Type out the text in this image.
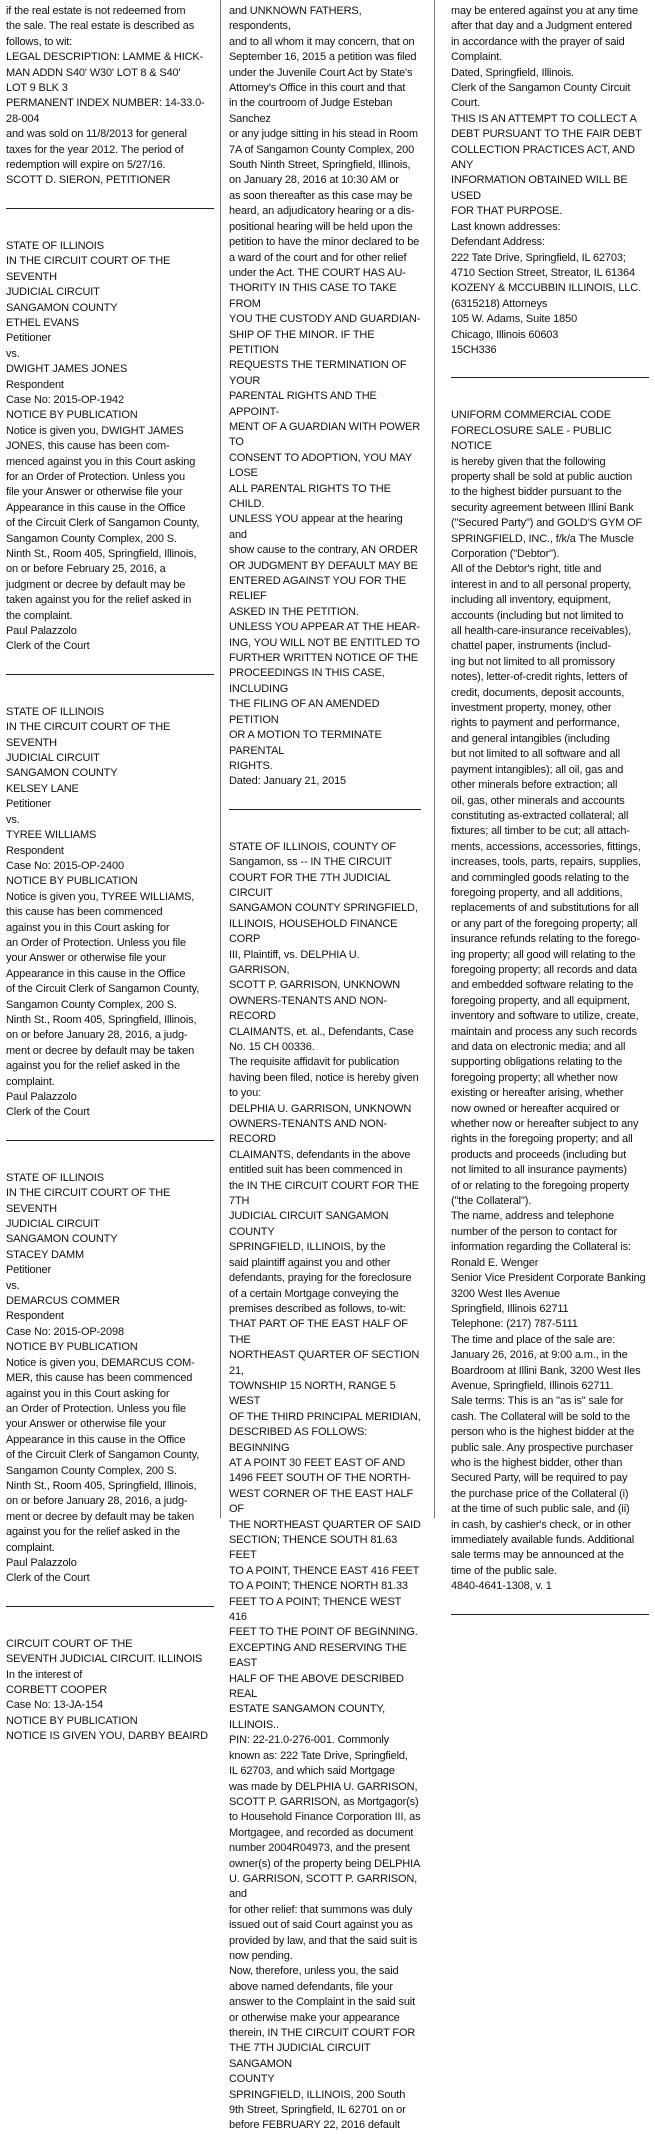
if the real estate is not redeemed from
the sale. The real estate is described as
follows, to wit:
LEGAL DESCRIPTION: LAMME & HICK-
MAN ADDN S40' W30' LOT 8 & S40'
LOT 9 BLK 3
PERMANENT INDEX NUMBER: 14-33.0-
28-004
and was sold on 11/8/2013 for general
taxes for the year 2012. The period of
redemption will expire on 5/27/16.
SCOTT D. SIERON, PETITIONER

STATE OF ILLINOIS
IN THE CIRCUIT COURT OF THE SEVENTH
JUDICIAL CIRCUIT
SANGAMON COUNTY
ETHEL EVANS
Petitioner
vs.
DWIGHT JAMES JONES
Respondent
Case No: 2015-OP-1942
NOTICE BY PUBLICATION
Notice is given you, DWIGHT JAMES
JONES, this cause has been com-
menced against you in this Court asking
for an Order of Protection. Unless you
file your Answer or otherwise file your
Appearance in this cause in the Office
of the Circuit Clerk of Sangamon County,
Sangamon County Complex, 200 S.
Ninth St., Room 405, Springfield, Illinois,
on or before February 25, 2016, a
judgment or decree by default may be
taken against you for the relief asked in
the complaint.
Paul Palazzolo
Clerk of the Court

STATE OF ILLINOIS
IN THE CIRCUIT COURT OF THE SEVENTH
JUDICIAL CIRCUIT
SANGAMON COUNTY
KELSEY LANE
Petitioner
vs.
TYREE WILLIAMS
Respondent
Case No: 2015-OP-2400
NOTICE BY PUBLICATION
Notice is given you, TYREE WILLIAMS,
this cause has been commenced
against you in this Court asking for
an Order of Protection. Unless you file
your Answer or otherwise file your
Appearance in this cause in the Office
of the Circuit Clerk of Sangamon County,
Sangamon County Complex, 200 S.
Ninth St., Room 405, Springfield, Illinois,
on or before January 28, 2016, a judg-
ment or decree by default may be taken
against you for the relief asked in the
complaint.
Paul Palazzolo
Clerk of the Court

STATE OF ILLINOIS
IN THE CIRCUIT COURT OF THE SEVENTH
JUDICIAL CIRCUIT
SANGAMON COUNTY
STACEY DAMM
Petitioner
vs.
DEMARCUS COMMER
Respondent
Case No: 2015-OP-2098
NOTICE BY PUBLICATION
Notice is given you, DEMARCUS COM-
MER, this cause has been commenced
against you in this Court asking for
an Order of Protection. Unless you file
your Answer or otherwise file your
Appearance in this cause in the Office
of the Circuit Clerk of Sangamon County,
Sangamon County Complex, 200 S.
Ninth St., Room 405, Springfield, Illinois,
on or before January 28, 2016, a judg-
ment or decree by default may be taken
against you for the relief asked in the
complaint.
Paul Palazzolo
Clerk of the Court

CIRCUIT COURT OF THE
SEVENTH JUDICIAL CIRCUIT. ILLINOIS
In the interest of
CORBETT COOPER
Case No: 13-JA-154
NOTICE BY PUBLICATION
NOTICE IS GIVEN YOU, DARBY BEAIRD

and UNKNOWN FATHERS, respondents,
and to all whom it may concern, that on
September 16, 2015 a petition was filed
under the Juvenile Court Act by State's
Attorney's Office in this court and that
in the courtroom of Judge Esteban Sanchez
or any judge sitting in his stead in Room
7A of Sangamon County Complex, 200
South Ninth Street, Springfield, Illinois,
on January 28, 2016 at 10:30 AM or
as soon thereafter as this case may be
heard, an adjudicatory hearing or a dis-
positional hearing will be held upon the
petition to have the minor declared to be
a ward of the court and for other relief
under the Act. THE COURT HAS AU-
THORITY IN THIS CASE TO TAKE FROM
YOU THE CUSTODY AND GUARDIAN-
SHIP OF THE MINOR. IF THE PETITION
REQUESTS THE TERMINATION OF YOUR
PARENTAL RIGHTS AND THE APPOINT-
MENT OF A GUARDIAN WITH POWER TO
CONSENT TO ADOPTION, YOU MAY LOSE
ALL PARENTAL RIGHTS TO THE CHILD.
UNLESS YOU appear at the hearing and
show cause to the contrary, AN ORDER
OR JUDGMENT BY DEFAULT MAY BE
ENTERED AGAINST YOU FOR THE RELIEF
ASKED IN THE PETITION.
UNLESS YOU APPEAR AT THE HEAR-
ING, YOU WILL NOT BE ENTITLED TO
FURTHER WRITTEN NOTICE OF THE
PROCEEDINGS IN THIS CASE, INCLUDING
THE FILING OF AN AMENDED PETITION
OR A MOTION TO TERMINATE PARENTAL
RIGHTS.
Dated: January 21, 2015

STATE OF ILLINOIS, COUNTY OF
Sangamon, ss -- IN THE CIRCUIT
COURT FOR THE 7TH JUDICIAL CIRCUIT
SANGAMON COUNTY SPRINGFIELD,
ILLINOIS, HOUSEHOLD FINANCE CORP
III, Plaintiff, vs. DELPHIA U. GARRISON,
SCOTT P. GARRISON, UNKNOWN
OWNERS-TENANTS AND NON-RECORD
CLAIMANTS, et. al., Defendants, Case
No. 15 CH 00336.
The requisite affidavit for publication
having been filed, notice is hereby given
to you:
DELPHIA U. GARRISON, UNKNOWN
OWNERS-TENANTS AND NON-RECORD
CLAIMANTS, defendants in the above
entitled suit has been commenced in
the IN THE CIRCUIT COURT FOR THE 7TH
JUDICIAL CIRCUIT SANGAMON COUNTY
SPRINGFIELD, ILLINOIS, by the
said plaintiff against you and other
defendants, praying for the foreclosure
of a certain Mortgage conveying the
premises described as follows, to-wit:
THAT PART OF THE EAST HALF OF THE
NORTHEAST QUARTER OF SECTION 21,
TOWNSHIP 15 NORTH, RANGE 5 WEST
OF THE THIRD PRINCIPAL MERIDIAN,
DESCRIBED AS FOLLOWS: BEGINNING
AT A POINT 30 FEET EAST OF AND
1496 FEET SOUTH OF THE NORTH-
WEST CORNER OF THE EAST HALF OF
THE NORTHEAST QUARTER OF SAID
SECTION; THENCE SOUTH 81.63 FEET
TO A POINT, THENCE EAST 416 FEET
TO A POINT; THENCE NORTH 81.33
FEET TO A POINT; THENCE WEST 416
FEET TO THE POINT OF BEGINNING.
EXCEPTING AND RESERVING THE EAST
HALF OF THE ABOVE DESCRIBED REAL
ESTATE SANGAMON COUNTY, ILLINOIS..
PIN: 22-21.0-276-001. Commonly
known as: 222 Tate Drive, Springfield,
IL 62703, and which said Mortgage
was made by DELPHIA U. GARRISON,
SCOTT P. GARRISON, as Mortgagor(s)
to Household Finance Corporation III, as
Mortgagee, and recorded as document
number 2004R04973, and the present
owner(s) of the property being DELPHIA
U. GARRISON, SCOTT P. GARRISON, and
for other relief: that summons was duly
issued out of said Court against you as
provided by law, and that the said suit is
now pending.
Now, therefore, unless you, the said
above named defendants, file your
answer to the Complaint in the said suit
or otherwise make your appearance
therein, IN THE CIRCUIT COURT FOR
THE 7TH JUDICIAL CIRCUIT SANGAMON
COUNTY
SPRINGFIELD, ILLINOIS, 200 South
9th Street, Springfield, IL 62701 on or
before FEBRUARY 22, 2016 default

may be entered against you at any time
after that day and a Judgment entered
in accordance with the prayer of said
Complaint.
Dated, Springfield, Illinois.
Clerk of the Sangamon County Circuit
Court.
THIS IS AN ATTEMPT TO COLLECT A
DEBT PURSUANT TO THE FAIR DEBT
COLLECTION PRACTICES ACT, AND ANY
INFORMATION OBTAINED WILL BE USED
FOR THAT PURPOSE.
Last known addresses:
Defendant Address:
222 Tate Drive, Springfield, IL 62703;
4710 Section Street, Streator, IL 61364
KOZENY & MCCUBBIN ILLINOIS, LLC.
(6315218) Attorneys
105 W. Adams, Suite 1850
Chicago, Illinois 60603
15CH336

UNIFORM COMMERCIAL CODE
FORECLOSURE SALE - PUBLIC NOTICE
is hereby given that the following
property shall be sold at public auction
to the highest bidder pursuant to the
security agreement between Illini Bank
("Secured Party") and GOLD'S GYM OF
SPRINGFIELD, INC., f/k/a The Muscle
Corporation ("Debtor").
All of the Debtor's right, title and
interest in and to all personal property,
including all inventory, equipment,
accounts (including but not limited to
all health-care-insurance receivables),
chattel paper, instruments (includ-
ing but not limited to all promissory
notes), letter-of-credit rights, letters of
credit, documents, deposit accounts,
investment property, money, other
rights to payment and performance,
and general intangibles (including
but not limited to all software and all
payment intangibles); all oil, gas and
other minerals before extraction; all
oil, gas, other minerals and accounts
constituting as-extracted collateral; all
fixtures; all timber to be cut; all attach-
ments, accessions, accessories, fittings,
increases, tools, parts, repairs, supplies,
and commingled goods relating to the
foregoing property, and all additions,
replacements of and substitutions for all
or any part of the foregoing property; all
insurance refunds relating to the forego-
ing property; all good will relating to the
foregoing property; all records and data
and embedded software relating to the
foregoing property, and all equipment,
inventory and software to utilize, create,
maintain and process any such records
and data on electronic media; and all
supporting obligations relating to the
foregoing property; all whether now
existing or hereafter arising, whether
now owned or hereafter acquired or
whether now or hereafter subject to any
rights in the foregoing property; and all
products and proceeds (including but
not limited to all insurance payments)
of or relating to the foregoing property
("the Collateral").
The name, address and telephone
number of the person to contact for
information regarding the Collateral is:
Ronald E. Wenger
Senior Vice President Corporate Banking
3200 West Iles Avenue
Springfield, Illinois 62711
Telephone: (217) 787-5111
The time and place of the sale are:
January 26, 2016, at 9:00 a.m., in the
Boardroom at Illini Bank, 3200 West Iles
Avenue, Springfield, Illinois 62711.
Sale terms: This is an "as is" sale for
cash. The Collateral will be sold to the
person who is the highest bidder at the
public sale. Any prospective purchaser
who is the highest bidder, other than
Secured Party, will be required to pay
the purchase price of the Collateral (i)
at the time of such public sale, and (ii)
in cash, by cashier's check, or in other
immediately available funds. Additional
sale terms may be announced at the
time of the public sale.
4840-4641-1308, v. 1
